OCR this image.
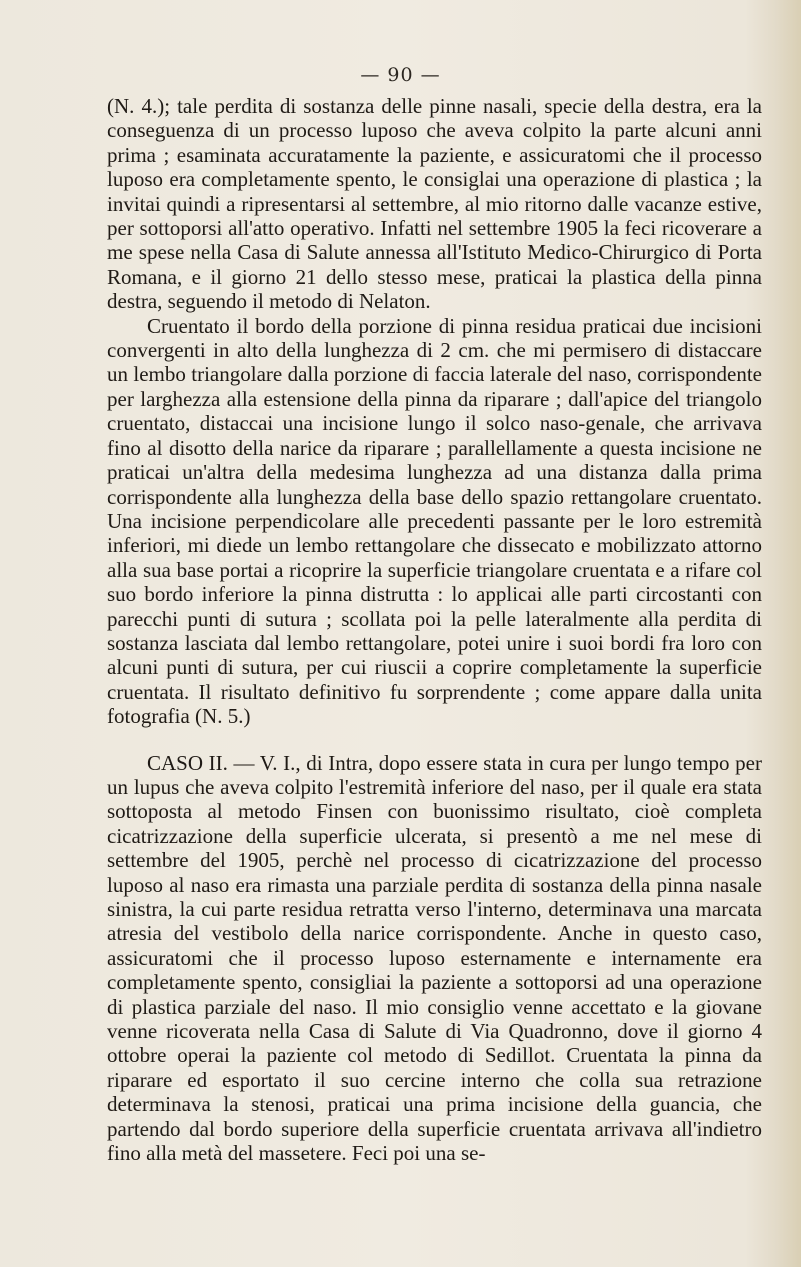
— 90 —

(N. 4.); tale perdita di sostanza delle pinne nasali, specie della destra, era la conseguenza di un processo luposo che aveva colpito la parte alcuni anni prima ; esaminata accuratamente la paziente, e assicuratomi che il processo luposo era completamente spento, le consiglai una operazione di plastica ; la invitai quindi a ripresentarsi al settembre, al mio ritorno dalle vacanze estive, per sottoporsi all'atto operativo. Infatti nel settembre 1905 la feci ricoverare a me spese nella Casa di Salute annessa all'Istituto Medico-Chirurgico di Porta Romana, e il giorno 21 dello stesso mese, praticai la plastica della pinna destra, seguendo il metodo di Nelaton.

Cruentato il bordo della porzione di pinna residua praticai due incisioni convergenti in alto della lunghezza di 2 cm. che mi permisero di distaccare un lembo triangolare dalla porzione di faccia laterale del naso, corrispondente per larghezza alla estensione della pinna da riparare ; dall'apice del triangolo cruentato, distaccai una incisione lungo il solco naso-genale, che arrivava fino al disotto della narice da riparare ; parallellamente a questa incisione ne praticai un'altra della medesima lunghezza ad una distanza dalla prima corrispondente alla lunghezza della base dello spazio rettangolare cruentato. Una incisione perpendicolare alle precedenti passante per le loro estremità inferiori, mi diede un lembo rettangolare che dissecato e mobilizzato attorno alla sua base portai a ricoprire la superficie triangolare cruentata e a rifare col suo bordo inferiore la pinna distrutta : lo applicai alle parti circostanti con parecchi punti di sutura ; scollata poi la pelle lateralmente alla perdita di sostanza lasciata dal lembo rettangolare, potei unire i suoi bordi fra loro con alcuni punti di sutura, per cui riuscii a coprire completamente la superficie cruentata. Il risultato definitivo fu sorprendente ; come appare dalla unita fotografia (N. 5.)

CASO II. — V. I., di Intra, dopo essere stata in cura per lungo tempo per un lupus che aveva colpito l'estremità inferiore del naso, per il quale era stata sottoposta al metodo Finsen con buonissimo risultato, cioè completa cicatrizzazione della superficie ulcerata, si presentò a me nel mese di settembre del 1905, perchè nel processo di cicatrizzazione del processo luposo al naso era rimasta una parziale perdita di sostanza della pinna nasale sinistra, la cui parte residua retratta verso l'interno, determinava una marcata atresia del vestibolo della narice corrispondente. Anche in questo caso, assicuratomi che il processo luposo esternamente e internamente era completamente spento, consigliai la paziente a sottoporsi ad una operazione di plastica parziale del naso. Il mio consiglio venne accettato e la giovane venne ricoverata nella Casa di Salute di Via Quadronno, dove il giorno 4 ottobre operai la paziente col metodo di Sedillot. Cruentata la pinna da riparare ed esportato il suo cercine interno che colla sua retrazione determinava la stenosi, praticai una prima incisione della guancia, che partendo dal bordo superiore della superficie cruentata arrivava all'indietro fino alla metà del massetere. Feci poi una se-
